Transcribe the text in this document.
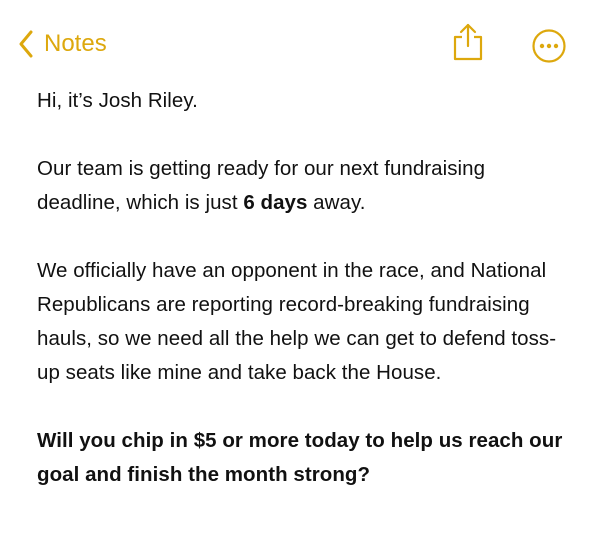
Notes

Hi, it’s Josh Riley.

Our team is getting ready for our next fundraising deadline, which is just 6 days away.

We officially have an opponent in the race, and National Republicans are reporting record-breaking fundraising hauls, so we need all the help we can get to defend toss-up seats like mine and take back the House.

Will you chip in $5 or more today to help us reach our goal and finish the month strong?
